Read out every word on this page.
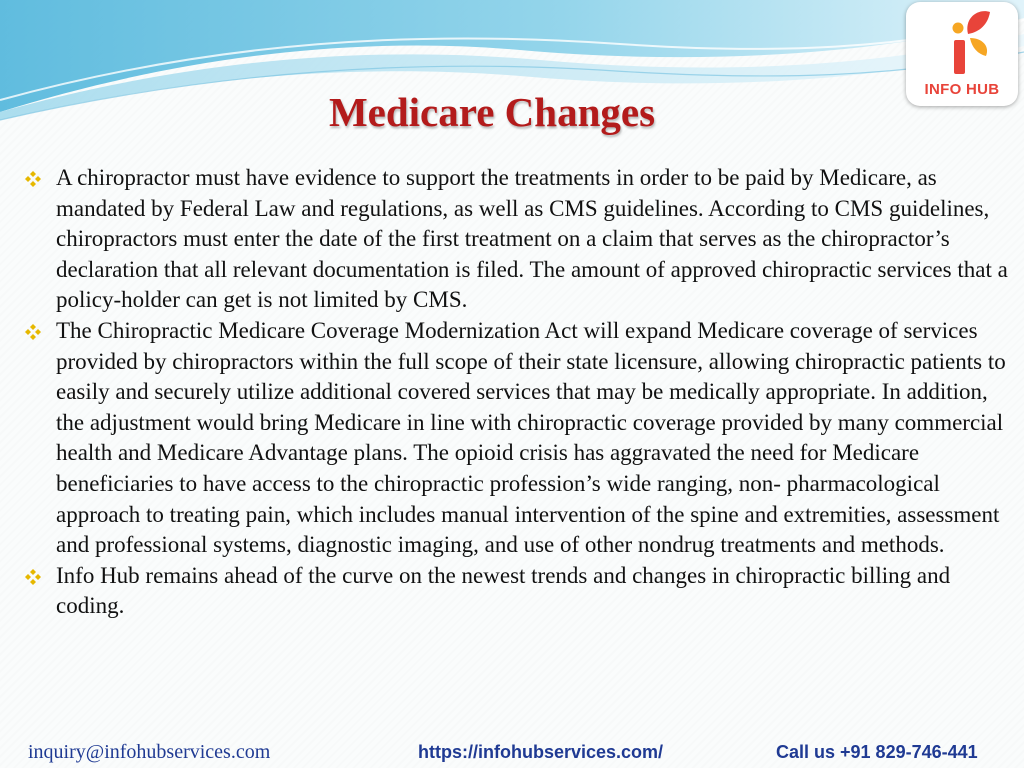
INFO HUB
Medicare Changes
A chiropractor must have evidence to support the treatments in order to be paid by Medicare, as mandated by Federal Law and regulations, as well as CMS guidelines. According to CMS guidelines, chiropractors must enter the date of the first treatment on a claim that serves as the chiropractor’s declaration that all relevant documentation is filed. The amount of approved chiropractic services that a policy-holder can get is not limited by CMS.
The Chiropractic Medicare Coverage Modernization Act will expand Medicare coverage of services provided by chiropractors within the full scope of their state licensure, allowing chiropractic patients to easily and securely utilize additional covered services that may be medically appropriate. In addition, the adjustment would bring Medicare in line with chiropractic coverage provided by many commercial health and Medicare Advantage plans. The opioid crisis has aggravated the need for Medicare beneficiaries to have access to the chiropractic profession’s wide ranging, non- pharmacological approach to treating pain, which includes manual intervention of the spine and extremities, assessment and professional systems, diagnostic imaging, and use of other nondrug treatments and methods.
Info Hub remains ahead of the curve on the newest trends and changes in chiropractic billing and coding.
inquiry@infohubservices.com	https://infohubservices.com/	Call us +91 829-746-441
